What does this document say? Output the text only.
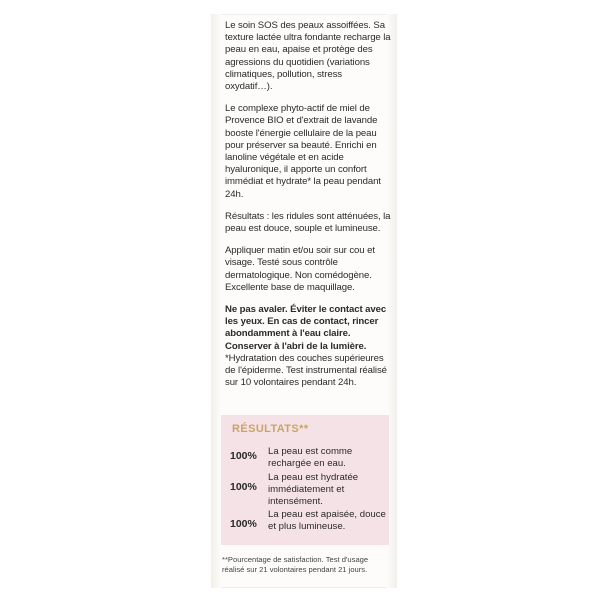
Le soin SOS des peaux assoiffées. Sa texture lactée ultra fondante recharge la peau en eau, apaise et protège des agressions du quotidien (variations climatiques, pollution, stress oxydatif…).

Le complexe phyto-actif de miel de Provence BIO et d'extrait de lavande booste l'énergie cellulaire de la peau pour préserver sa beauté. Enrichi en lanoline végétale et en acide hyaluronique, il apporte un confort immédiat et hydrate* la peau pendant 24h.

Résultats : les ridules sont atténuées, la peau est douce, souple et lumineuse.

Appliquer matin et/ou soir sur cou et visage. Testé sous contrôle dermatologique. Non comédogène. Excellente base de maquillage.

Ne pas avaler. Éviter le contact avec les yeux. En cas de contact, rincer abondamment à l'eau claire. Conserver à l'abri de la lumière.

*Hydratation des couches supérieures de l'épiderme. Test instrumental réalisé sur 10 volontaires pendant 24h.

RÉSULTATS**
100% La peau est comme rechargée en eau.
100%
La peau est hydratée immédiatement et intensément.
100%
La peau est apaisée, douce et plus lumineuse.
**Pourcentage de satisfaction. Test d'usage réalisé sur 21 volontaires pendant 21 jours.
